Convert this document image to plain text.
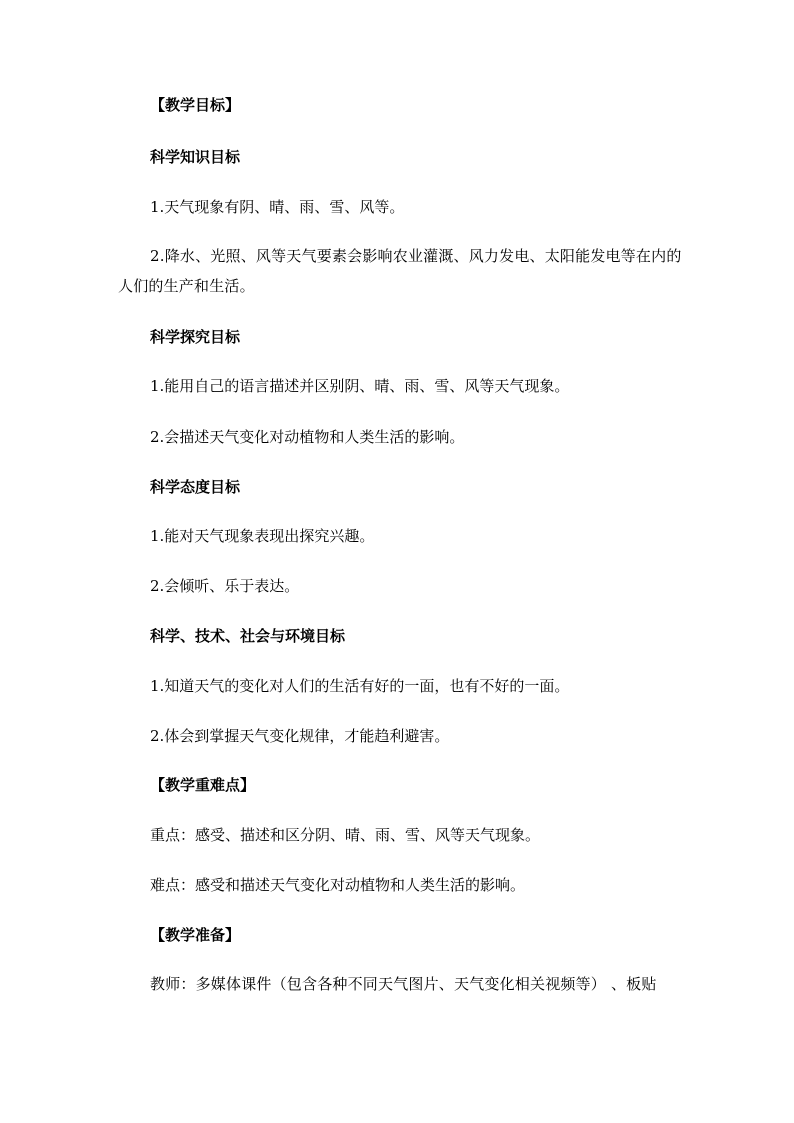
【教学目标】
科学知识目标
1.天气现象有阴、晴、雨、雪、风等。
2.降水、光照、风等天气要素会影响农业灌溉、风力发电、太阳能发电等在内的人们的生产和生活。
科学探究目标
1.能用自己的语言描述并区别阴、晴、雨、雪、风等天气现象。
2.会描述天气变化对动植物和人类生活的影响。
科学态度目标
1.能对天气现象表现出探究兴趣。
2.会倾听、乐于表达。
科学、技术、社会与环境目标
1.知道天气的变化对人们的生活有好的一面，也有不好的一面。
2.体会到掌握天气变化规律，才能趋利避害。
【教学重难点】
重点：感受、描述和区分阴、晴、雨、雪、风等天气现象。
难点：感受和描述天气变化对动植物和人类生活的影响。
【教学准备】
教师：多媒体课件（包含各种不同天气图片、天气变化相关视频等） 、板贴
